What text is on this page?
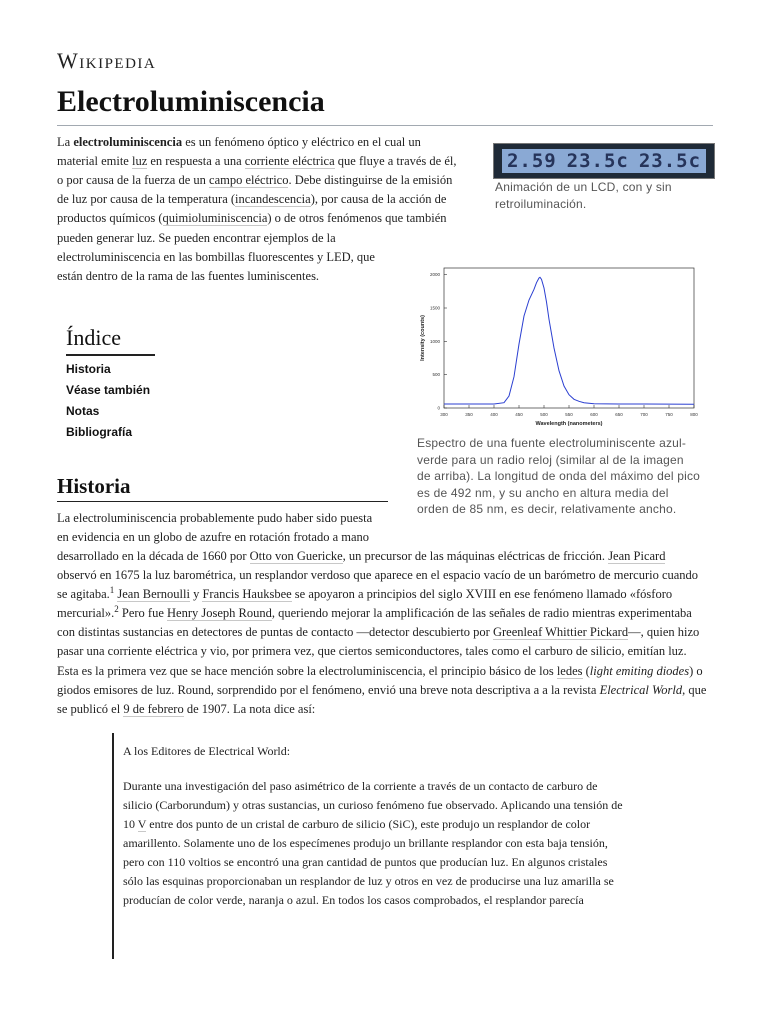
Wikipedia
Electroluminiscencia

La electroluminiscencia es un fenómeno óptico y eléctrico en el cual un

material emite luz en respuesta a una corriente eléctrica que fluye a través de él,

o por causa de la fuerza de un campo eléctrico. Debe distinguirse de la emisión

de luz por causa de la temperatura (incandescencia), por causa de la acción de

productos químicos (quimioluminiscencia) o de otros fenómenos que también

pueden generar luz. Se pueden encontrar ejemplos de la

electroluminiscencia en las bombillas fluorescentes y LED, que

están dentro de la rama de las fuentes luminiscentes.

2.59 23.5c 23.5c
Animación de un LCD, con y sin
retroiluminación.
300	350	400	450	500	550	600	650	700	750	800
0
500
1000
1500
2000
Wavelength (nanometers)
Intensity (counts)
Espectro de una fuente electroluminiscente azul-
verde para un radio reloj (similar al de la imagen
de arriba). La longitud de onda del máximo del pico
es de 492 nm, y su ancho en altura media del
orden de 85 nm, es decir, relativamente ancho.
Índice
Historia
Véase también
Notas
Bibliografía
Historia

La electroluminiscencia probablemente pudo haber sido puesta

en evidencia en un globo de azufre en rotación frotado a mano

desarrollado en la década de 1660 por Otto von Guericke, un precursor de las máquinas eléctricas de fricción. Jean Picard

observó en 1675 la luz barométrica, un resplandor verdoso que aparece en el espacio vacío de un barómetro de mercurio cuando

se agitaba.$^1$ Jean Bernoulli y Francis Hauksbee se apoyaron a principios del siglo XVIII en ese fenómeno llamado «fósforo

mercurial».$^2$ Pero fue Henry Joseph Round, queriendo mejorar la amplificación de las señales de radio mientras experimentaba

con distintas sustancias en detectores de puntas de contacto —detector descubierto por Greenleaf Whittier Pickard—, quien hizo

pasar una corriente eléctrica y vio, por primera vez, que ciertos semiconductores, tales como el carburo de silicio, emitían luz.

Esta es la primera vez que se hace mención sobre la electroluminiscencia, el principio básico de los ledes (light emiting diodes) o

giodos emisores de luz. Round, sorprendido por el fenómeno, envió una breve nota descriptiva a a la revista Electrical World, que

se publicó el 9 de febrero de 1907. La nota dice así:

A los Editores de Electrical World:

Durante una investigación del paso asimétrico de la corriente a través de un contacto de carburo de

silicio (Carborundum) y otras sustancias, un curioso fenómeno fue observado. Aplicando una tensión de

10 V entre dos punto de un cristal de carburo de silicio (SiC), este produjo un resplandor de color

amarillento. Solamente uno de los especímenes produjo un brillante resplandor con esta baja tensión,

pero con 110 voltios se encontró una gran cantidad de puntos que producían luz. En algunos cristales

sólo las esquinas proporcionaban un resplandor de luz y otros en vez de producirse una luz amarilla se

producían de color verde, naranja o azul. En todos los casos comprobados, el resplandor parecía
